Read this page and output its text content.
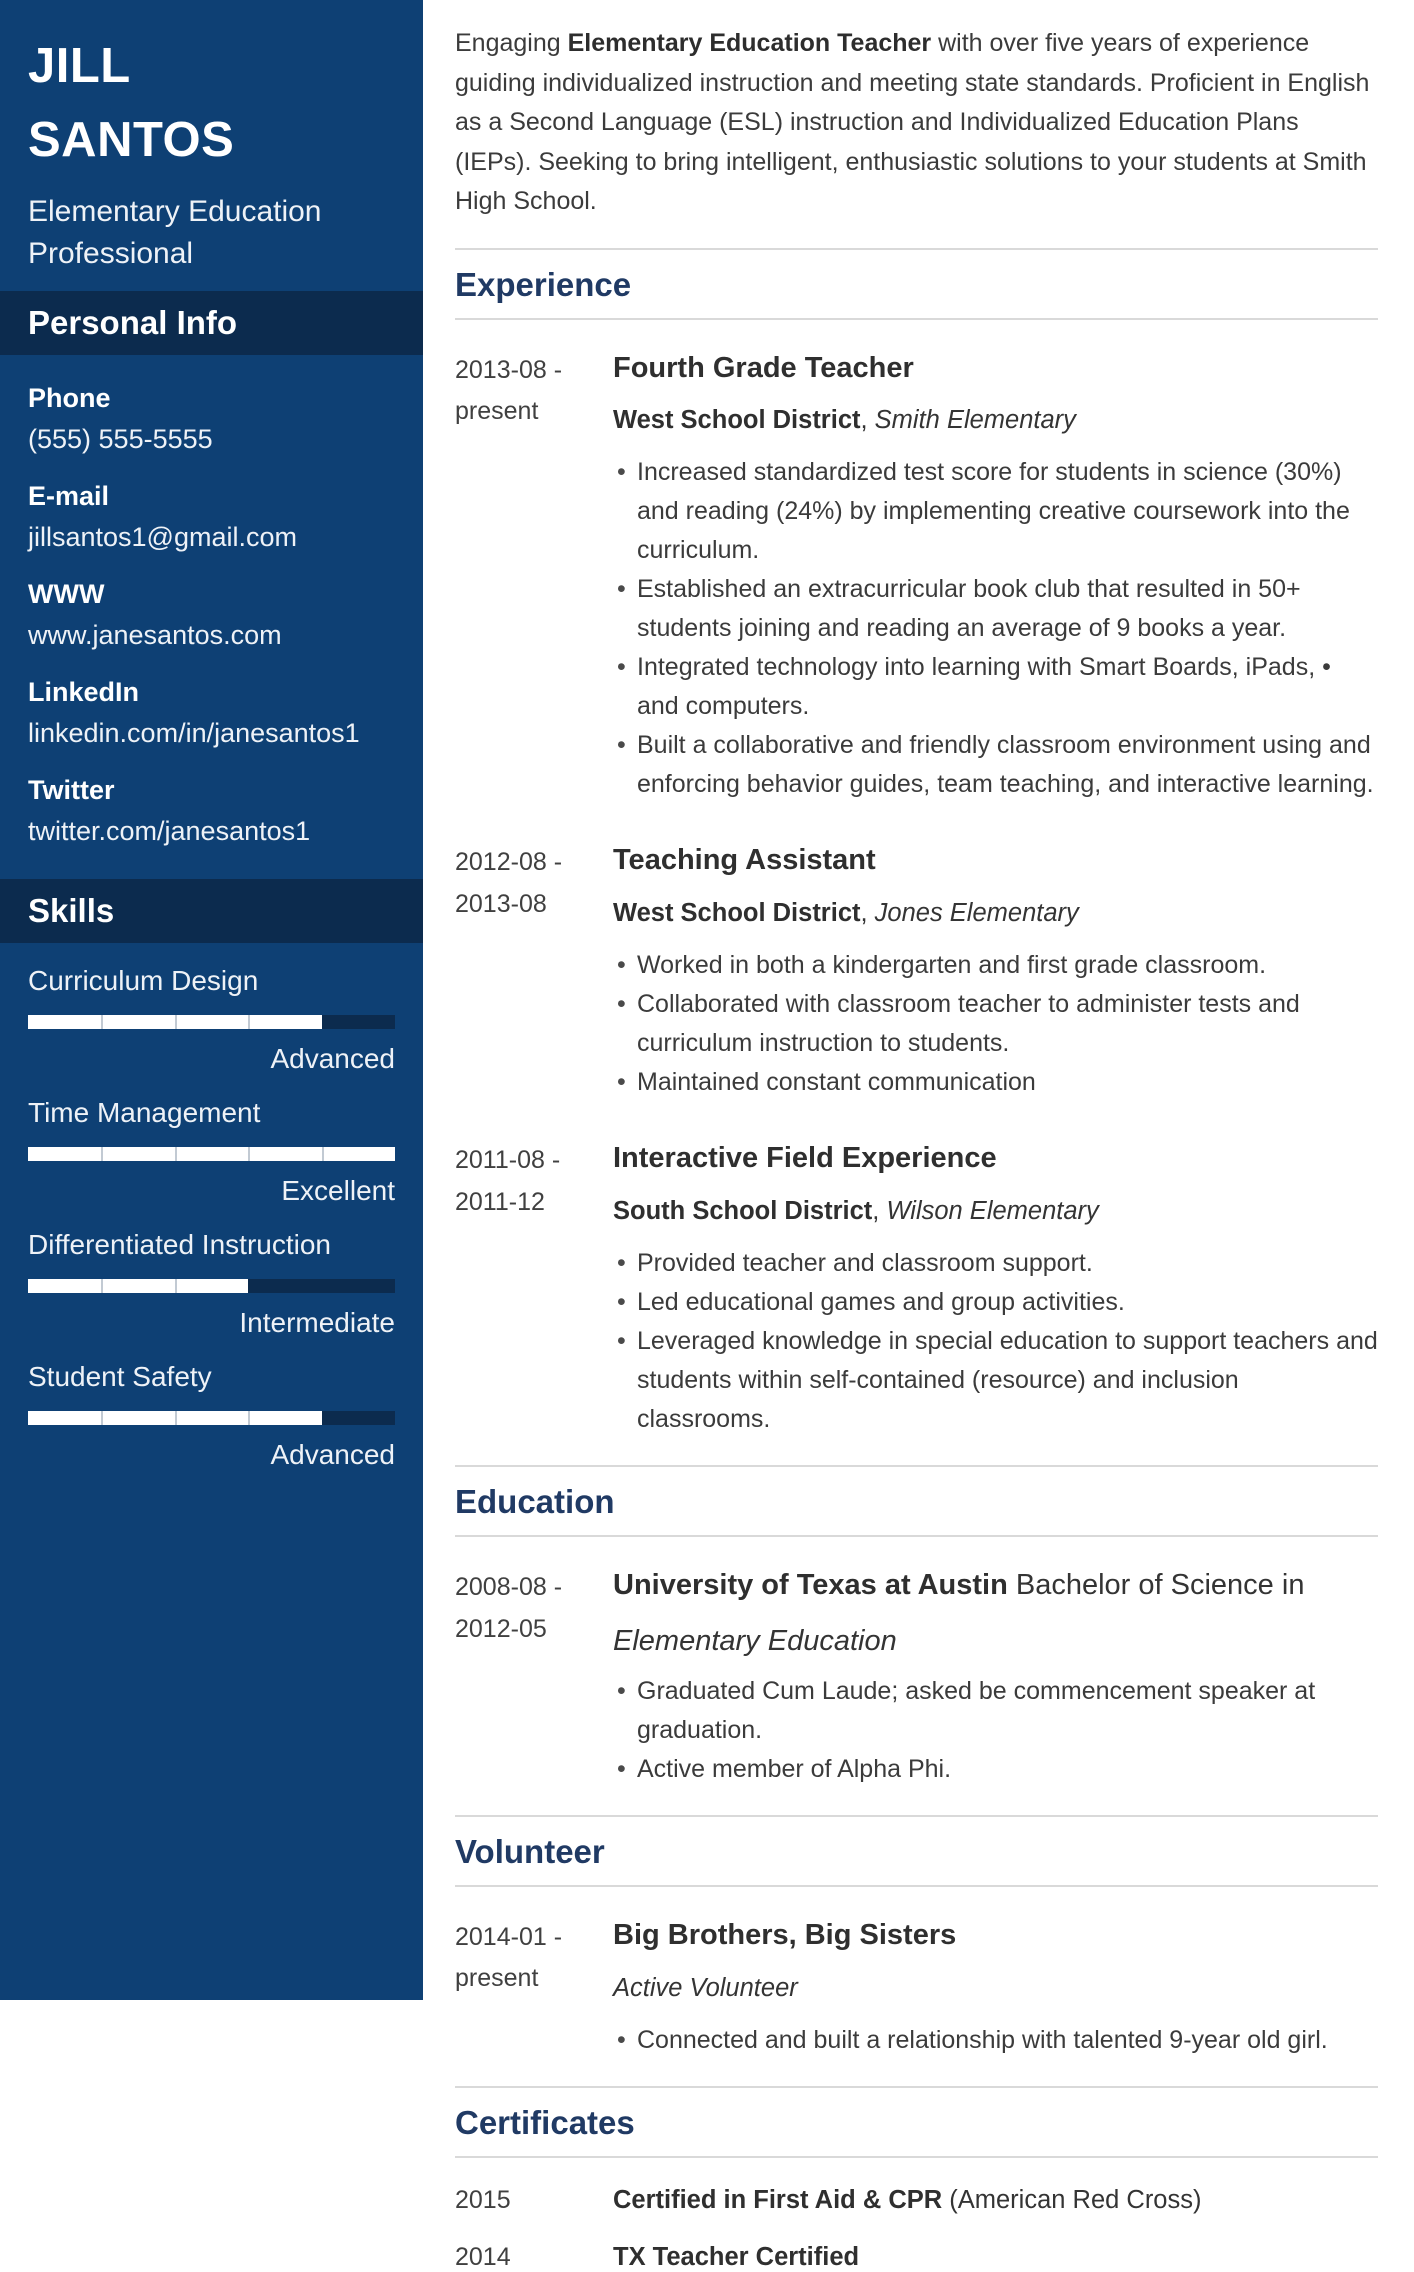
JILL
SANTOS
Elementary Education Professional
Personal Info
Phone
(555) 555-5555
E-mail
jillsantos1@gmail.com
WWW
www.janesantos.com
LinkedIn
linkedin.com/in/janesantos1
Twitter
twitter.com/janesantos1
Skills
Curriculum Design
Advanced
Time Management
Excellent
Differentiated Instruction
Intermediate
Student Safety
Advanced

Engaging Elementary Education Teacher with over five years of experience guiding individualized instruction and meeting state standards. Proficient in English as a Second Language (ESL) instruction and Individualized Education Plans (IEPs). Seeking to bring intelligent, enthusiastic solutions to your students at Smith High School.

Experience
2013-08 -
present
Fourth Grade Teacher
West School District, Smith Elementary
• Increased standardized test score for students in science (30%) and reading (24%) by implementing creative coursework into the curriculum.
• Established an extracurricular book club that resulted in 50+ students joining and reading an average of 9 books a year.
• Integrated technology into learning with Smart Boards, iPads, • and computers.
• Built a collaborative and friendly classroom environment using and enforcing behavior guides, team teaching, and interactive learning.
2012-08 -
2013-08
Teaching Assistant
West School District, Jones Elementary
• Worked in both a kindergarten and first grade classroom.
• Collaborated with classroom teacher to administer tests and curriculum instruction to students.
• Maintained constant communication
2011-08 -
2011-12
Interactive Field Experience
South School District, Wilson Elementary
• Provided teacher and classroom support.
• Led educational games and group activities.
• Leveraged knowledge in special education to support teachers and students within self-contained (resource) and inclusion classrooms.
Education
2008-08 -
2012-05
University of Texas at Austin Bachelor of Science in
Elementary Education
• Graduated Cum Laude; asked be commencement speaker at graduation.
• Active member of Alpha Phi.
Volunteer
2014-01 -
present
Big Brothers, Big Sisters
Active Volunteer
• Connected and built a relationship with talented 9-year old girl.
Certificates
2015	Certified in First Aid & CPR (American Red Cross)
2014	TX Teacher Certified
